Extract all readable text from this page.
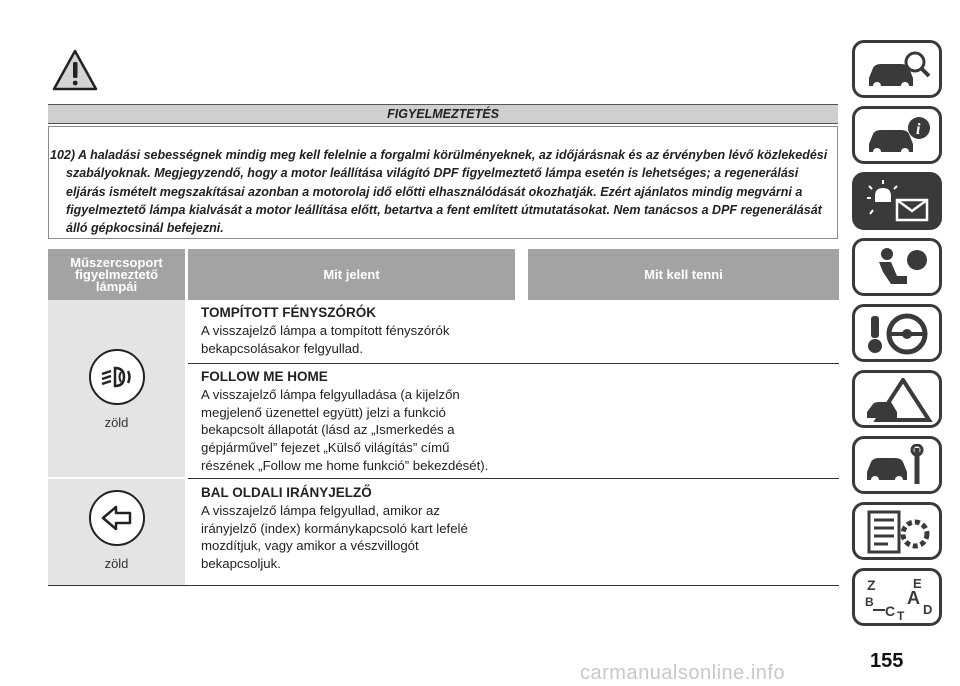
FIGYELMEZTETÉS
102) A haladási sebességnek mindig meg kell felelnie a forgalmi körülményeknek, az időjárásnak és az érvényben lévő közlekedési szabályoknak. Megjegyzendő, hogy a motor leállítása világító DPF figyelmeztető lámpa esetén is lehetséges; a regenerálási eljárás ismételt megszakításai azonban a motorolaj idő előtti elhasználódását okozhatják. Ezért ajánlatos mindig megvárni a figyelmeztető lámpa kialvását a motor leállítása előtt, betartva a fent említett útmutatásokat. Nem tanácsos a DPF regenerálását álló gépkocsinál befejezni.
Műszercsoport
figyelmeztető
lámpái
Mit jelent	Mit kell tenni
zöld
zöld
TOMPÍTOTT FÉNYSZÓRÓK
A visszajelző lámpa a tompított fényszórók
bekapcsolásakor felgyullad.
FOLLOW ME HOME
A visszajelző lámpa felgyulladása (a kijelzőn
megjelenő üzenettel együtt) jelzi a funkció
bekapcsolt állapotát (lásd az „Ismerkedés a
gépjárművel” fejezet „Külső világítás” című
részének „Follow me home funkció” bekezdését).
BAL OLDALI IRÁNYJELZŐ
A visszajelző lámpa felgyullad, amikor az
irányjelző (index) kormánykapcsoló kart lefelé
mozdítjuk, vagy amikor a vészvillogót
bekapcsoljuk.
i
Z	E
B A
C D
T
carmanualsonline.info
155
